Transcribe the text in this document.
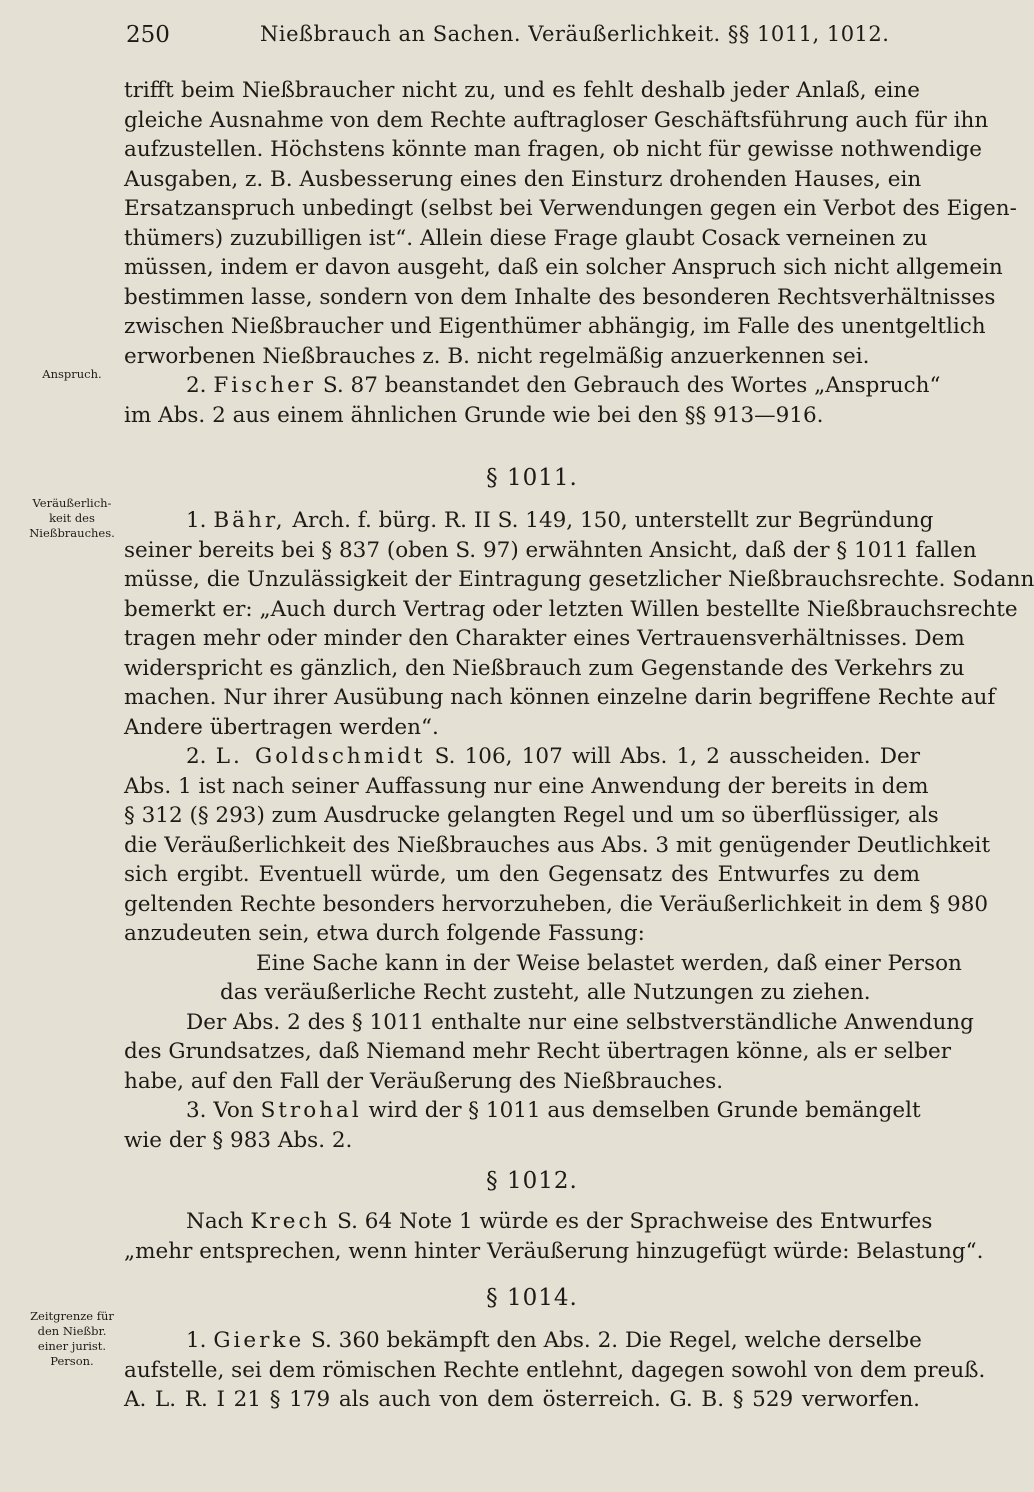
250	Nießbrauch an Sachen. Veräußerlichkeit. §§ 1011, 1012.
Anspruch.
Veräußerlich-
keit des
Nießbrauches.
Zeitgrenze für
den Nießbr.
einer jurist.
Person.
trifft beim Nießbraucher nicht zu, und es fehlt deshalb jeder Anlaß, eine
gleiche Ausnahme von dem Rechte auftragloser Geschäftsführung auch für ihn
aufzustellen. Höchstens könnte man fragen, ob nicht für gewisse nothwendige
Ausgaben, z. B. Ausbesserung eines den Einsturz drohenden Hauses, ein
Ersatzanspruch unbedingt (selbst bei Verwendungen gegen ein Verbot des Eigen-
thümers) zuzubilligen ist“. Allein diese Frage glaubt Cosack verneinen zu
müssen, indem er davon ausgeht, daß ein solcher Anspruch sich nicht allgemein
bestimmen lasse, sondern von dem Inhalte des besonderen Rechtsverhältnisses
zwischen Nießbraucher und Eigenthümer abhängig, im Falle des unentgeltlich
erworbenen Nießbrauches z. B. nicht regelmäßig anzuerkennen sei.
2. Fischer S. 87 beanstandet den Gebrauch des Wortes „Anspruch“
im Abs. 2 aus einem ähnlichen Grunde wie bei den §§ 913—916.
§ 1011.
1. Bähr, Arch. f. bürg. R. II S. 149, 150, unterstellt zur Begründung
seiner bereits bei § 837 (oben S. 97) erwähnten Ansicht, daß der § 1011 fallen
müsse, die Unzulässigkeit der Eintragung gesetzlicher Nießbrauchsrechte. Sodann
bemerkt er: „Auch durch Vertrag oder letzten Willen bestellte Nießbrauchsrechte
tragen mehr oder minder den Charakter eines Vertrauensverhältnisses. Dem
widerspricht es gänzlich, den Nießbrauch zum Gegenstande des Verkehrs zu
machen. Nur ihrer Ausübung nach können einzelne darin begriffene Rechte auf
Andere übertragen werden“.
2. L. Goldschmidt S. 106, 107 will Abs. 1, 2 ausscheiden. Der
Abs. 1 ist nach seiner Auffassung nur eine Anwendung der bereits in dem
§ 312 (§ 293) zum Ausdrucke gelangten Regel und um so überflüssiger, als
die Veräußerlichkeit des Nießbrauches aus Abs. 3 mit genügender Deutlichkeit
sich ergibt. Eventuell würde, um den Gegensatz des Entwurfes zu dem
geltenden Rechte besonders hervorzuheben, die Veräußerlichkeit in dem § 980
anzudeuten sein, etwa durch folgende Fassung:
Eine Sache kann in der Weise belastet werden, daß einer Person
das veräußerliche Recht zusteht, alle Nutzungen zu ziehen.
Der Abs. 2 des § 1011 enthalte nur eine selbstverständliche Anwendung
des Grundsatzes, daß Niemand mehr Recht übertragen könne, als er selber
habe, auf den Fall der Veräußerung des Nießbrauches.
3. Von Strohal wird der § 1011 aus demselben Grunde bemängelt
wie der § 983 Abs. 2.
§ 1012.
Nach Krech S. 64 Note 1 würde es der Sprachweise des Entwurfes
„mehr entsprechen, wenn hinter Veräußerung hinzugefügt würde: Belastung“.
§ 1014.
1. Gierke S. 360 bekämpft den Abs. 2. Die Regel, welche derselbe
aufstelle, sei dem römischen Rechte entlehnt, dagegen sowohl von dem preuß.
A. L. R. I 21 § 179 als auch von dem österreich. G. B. § 529 verworfen.
